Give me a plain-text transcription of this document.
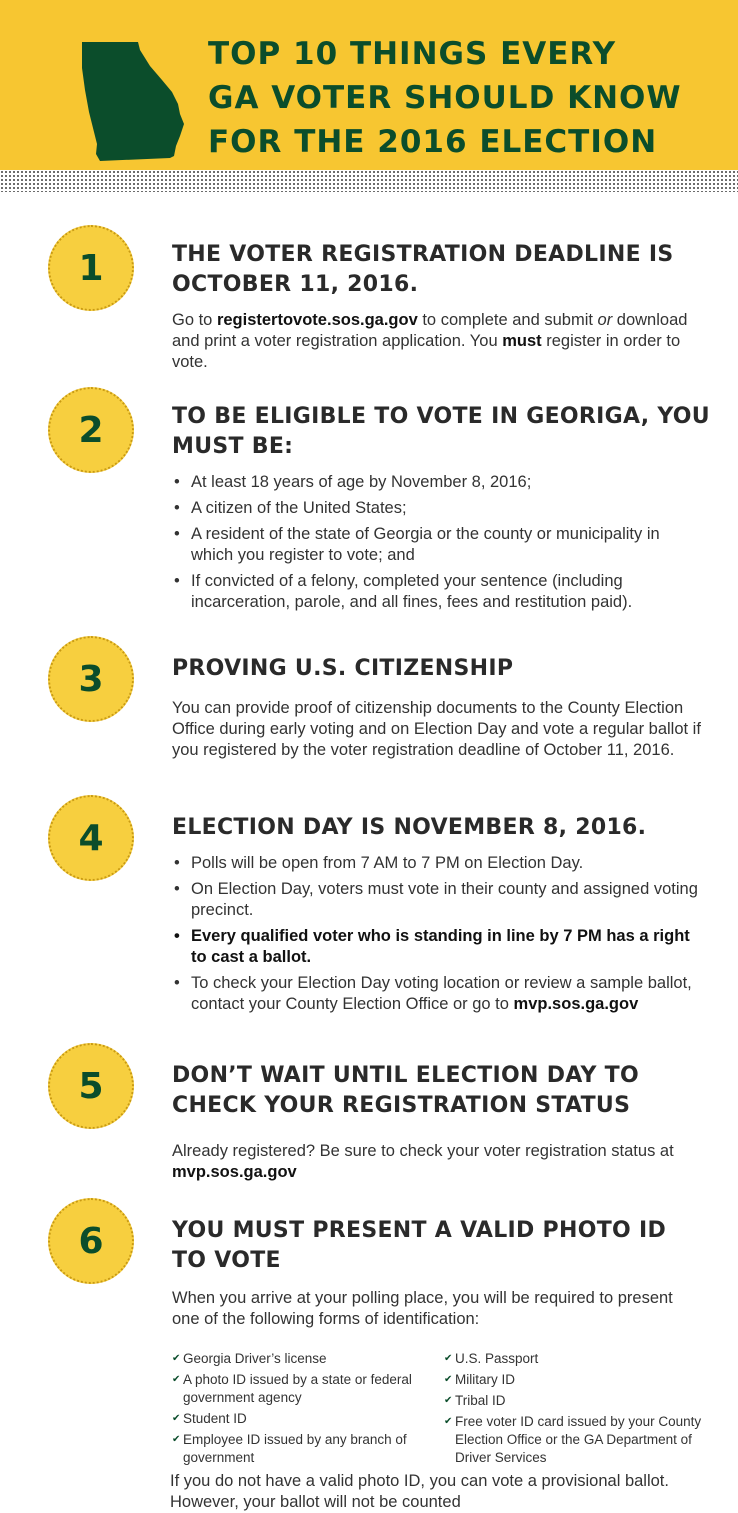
TOP 10 THINGS EVERY
GA VOTER SHOULD KNOW
FOR THE 2016 ELECTION
1	THE VOTER REGISTRATION DEADLINE IS
OCTOBER 11, 2016.

Go to registertovote.sos.ga.gov to complete and submit or download and print a voter registration application. You must register in order to vote.

2	TO BE ELIGIBLE TO VOTE IN GEORIGA, YOU
MUST BE:
• At least 18 years of age by November 8, 2016;
• A citizen of the United States;
• A resident of the state of Georgia or the county or municipality in which you register to vote; and
• If convicted of a felony, completed your sentence (including incarceration, parole, and all fines, fees and restitution paid).
3	PROVING U.S. CITIZENSHIP

You can provide proof of citizenship documents to the County Election Office during early voting and on Election Day and vote a regular ballot if you registered by the voter registration deadline of October 11, 2016.

4	ELECTION DAY IS NOVEMBER 8, 2016.
• Polls will be open from 7 AM to 7 PM on Election Day.
• On Election Day, voters must vote in their county and assigned voting precinct.
• Every qualified voter who is standing in line by 7 PM has a right to cast a ballot.
• To check your Election Day voting location or review a sample ballot, contact your County Election Office or go to mvp.sos.ga.gov
5	DON’T WAIT UNTIL ELECTION DAY TO
CHECK YOUR REGISTRATION STATUS

Already registered? Be sure to check your voter registration status at mvp.sos.ga.gov

6	YOU MUST PRESENT A VALID PHOTO ID
TO VOTE

When you arrive at your polling place, you will be required to present one of the following forms of identification:

✔ Georgia Driver’s license
✔ A photo ID issued by a state or federal government agency
✔ Student ID
✔ Employee ID issued by any branch of government
✔ U.S. Passport
✔ Military ID
✔ Tribal ID
✔ Free voter ID card issued by your County Election Office or the GA Department of Driver Services

If you do not have a valid photo ID, you can vote a provisional ballot. However, your ballot will not be counted
